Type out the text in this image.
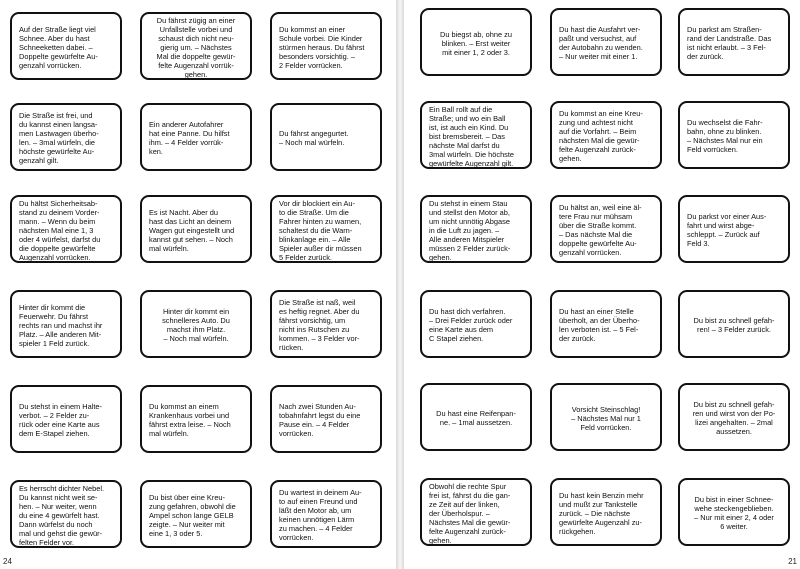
Auf der Straße liegt viel
Schnee. Aber du hast
Schneeketten dabei. –
Doppelte gewürfelte Au-
genzahl vorrücken.
Du fährst zügig an einer
Unfallstelle vorbei und
schaust dich nicht neu-
gierig um. – Nächstes
Mal die doppelte gewür-
felte Augenzahl vorrük-
gehen.
Du kommst an einer
Schule vorbei. Die Kinder
stürmen heraus. Du fährst
besonders vorsichtig. –
2 Felder vorrücken.
Die Straße ist frei, und
du kannst einen langsa-
men Lastwagen überho-
len. – 3mal würfeln, die
höchste gewürfelte Au-
genzahl gilt.
Ein anderer Autofahrer
hat eine Panne. Du hilfst
ihm. – 4 Felder vorrük-
ken.
Du fährst angegurtet.
– Noch mal würfeln.
Du hältst Sicherheitsab-
stand zu deinem Vorder-
mann. – Wenn du beim
nächsten Mal eine 1, 3
oder 4 würfelst, darfst du
die doppelte gewürfelte
Augenzahl vorrücken.
Es ist Nacht. Aber du
hast das Licht an deinem
Wagen gut eingestellt und
kannst gut sehen. – Noch
mal würfeln.
Vor dir blockiert ein Au-
to die Straße. Um die
Fahrer hinten zu warnen,
schaltest du die Warn-
blinkanlage ein. – Alle
Spieler außer dir müssen
5 Felder zurück.
Hinter dir kommt die
Feuerwehr. Du fährst
rechts ran und machst ihr
Platz. – Alle anderen Mit-
spieler 1 Feld zurück.
Hinter dir kommt ein
schnelleres Auto. Du
machst ihm Platz.
– Noch mal würfeln.
Die Straße ist naß, weil
es heftig regnet. Aber du
fährst vorsichtig, um
nicht ins Rutschen zu
kommen. – 3 Felder vor-
rücken.
Du stehst in einem Halte-
verbot. – 2 Felder zu-
rück oder eine Karte aus
dem E-Stapel ziehen.
Du kommst an einem
Krankenhaus vorbei und
fährst extra leise. – Noch
mal würfeln.
Nach zwei Stunden Au-
tobahnfahrt legst du eine
Pause ein. – 4 Felder
vorrücken.
Es herrscht dichter Nebel.
Du kannst nicht weit se-
hen. – Nur weiter, wenn
du eine 4 gewürfelt hast.
Dann würfelst du noch
mal und gehst die gewür-
felten Felder vor.
Du bist über eine Kreu-
zung gefahren, obwohl die
Ampel schon lange GELB
zeigte. – Nur weiter mit
eine 1, 3 oder 5.
Du wartest in deinem Au-
to auf einen Freund und
läßt den Motor ab, um
keinen unnötigen Lärm
zu machen. – 4 Felder
vorrücken.
24
Du biegst ab, ohne zu
blinken. – Erst weiter
mit einer 1, 2 oder 3.
Du hast die Ausfahrt ver-
paßt und versuchst, auf
der Autobahn zu wenden.
– Nur weiter mit einer 1.
Du parkst am Straßen-
rand der Landstraße. Das
ist nicht erlaubt. – 3 Fel-
der zurück.
Ein Ball rollt auf die
Straße; und wo ein Ball
ist, ist auch ein Kind. Du
bist bremsbereit. – Das
nächste Mal darfst du
3mal würfeln. Die höchste
gewürfelte Augenzahl gilt.
Du kommst an eine Kreu-
zung und achtest nicht
auf die Vorfahrt. – Beim
nächsten Mal die gewür-
felte Augenzahl zurück-
gehen.
Du wechselst die Fahr-
bahn, ohne zu blinken.
– Nächstes Mal nur ein
Feld vorrücken.
Du stehst in einem Stau
und stellst den Motor ab,
um nicht unnötig Abgase
in die Luft zu jagen. –
Alle anderen Mitspieler
müssen 2 Felder zurück-
gehen.
Du hältst an, weil eine äl-
tere Frau nur mühsam
über die Straße kommt.
– Das nächste Mal die
doppelte gewürfelte Au-
genzahl vorrücken.
Du parkst vor einer Aus-
fahrt und wirst abge-
schleppt. – Zurück auf
Feld 3.
Du hast dich verfahren.
– Drei Felder zurück oder
eine Karte aus dem
C Stapel ziehen.
Du hast an einer Stelle
überholt, an der Überho-
len verboten ist. – 5 Fel-
der zurück.
Du bist zu schnell gefah-
ren! – 3 Felder zurück.
Du hast eine Reifenpan-
ne. – 1mal aussetzen.
Vorsicht Steinschlag!
– Nächstes Mal nur 1
Feld vorrücken.
Du bist zu schnell gefah-
ren und wirst von der Po-
lizei angehalten. – 2mal
aussetzen.
Obwohl die rechte Spur
frei ist, fährst du die gan-
ze Zeit auf der linken,
der Überholspur. –
Nächstes Mal die gewür-
felte Augenzahl zurück-
gehen.
Du hast kein Benzin mehr
und mußt zur Tankstelle
zurück. – Die nächste
gewürfelte Augenzahl zu-
rückgehen.
Du bist in einer Schnee-
wehe steckengeblieben.
– Nur mit einer 2, 4 oder
6 weiter.
21
